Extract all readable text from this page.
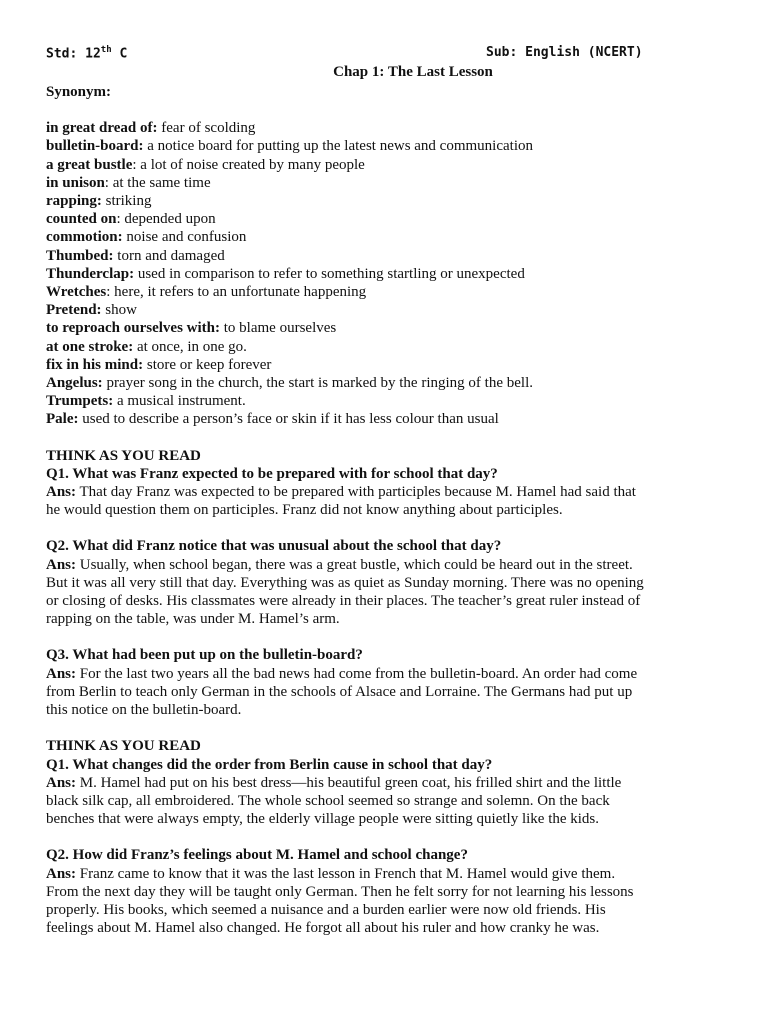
Std: 12th C	Sub: English (NCERT)
Chap 1: The Last Lesson
Synonym:
in great dread of: fear of scolding
bulletin-board: a notice board for putting up the latest news and communication
a great bustle: a lot of noise created by many people
in unison: at the same time
rapping: striking
counted on: depended upon
commotion: noise and confusion
Thumbed: torn and damaged
Thunderclap: used in comparison to refer to something startling or unexpected
Wretches: here, it refers to an unfortunate happening
Pretend: show
to reproach ourselves with: to blame ourselves
at one stroke: at once, in one go.
fix in his mind: store or keep forever
Angelus: prayer song in the church, the start is marked by the ringing of the bell.
Trumpets: a musical instrument.
Pale: used to describe a person’s face or skin if it has less colour than usual
THINK AS YOU READ
Q1. What was Franz expected to be prepared with for school that day?
Ans: That day Franz was expected to be prepared with participles because M. Hamel had said that
he would question them on participles. Franz did not know anything about participles.
Q2. What did Franz notice that was unusual about the school that day?
Ans: Usually, when school began, there was a great bustle, which could be heard out in the street.
But it was all very still that day. Everything was as quiet as Sunday morning. There was no opening
or closing of desks. His classmates were already in their places. The teacher’s great ruler instead of
rapping on the table, was under M. Hamel’s arm.
Q3. What had been put up on the bulletin-board?
Ans: For the last two years all the bad news had come from the bulletin-board. An order had come
from Berlin to teach only German in the schools of Alsace and Lorraine. The Germans had put up
this notice on the bulletin-board.
THINK AS YOU READ
Q1. What changes did the order from Berlin cause in school that day?
Ans: M. Hamel had put on his best dress—his beautiful green coat, his frilled shirt and the little
black silk cap, all embroidered. The whole school seemed so strange and solemn. On the back
benches that were always empty, the elderly village people were sitting quietly like the kids.
Q2. How did Franz’s feelings about M. Hamel and school change?
Ans: Franz came to know that it was the last lesson in French that M. Hamel would give them.
From the next day they will be taught only German. Then he felt sorry for not learning his lessons
properly. His books, which seemed a nuisance and a burden earlier were now old friends. His
feelings about M. Hamel also changed. He forgot all about his ruler and how cranky he was.
